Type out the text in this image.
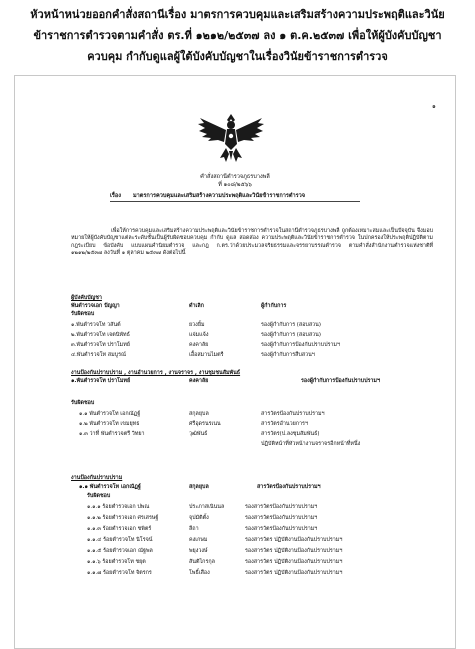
หัวหน้าหน่วยออกคำสั่งสถานีเรื่อง มาตรการควบคุมและเสริมสร้างความประพฤติและวินัย
ข้าราชการตำรวจตามคำสั่ง ตร.ที่ ๑๒๑๒/๒๕๓๗ ลง ๑ ต.ค.๒๕๓๗ เพื่อให้ผู้บังคับบัญชา
ควบคุม กำกับดูแลผู้ใต้บังคับบัญชาในเรื่องวินัยข้าราชการตำรวจ
๑
คำสั่งสถานีตำรวจภูธรบางพลี
ที่ ๑๐๘/๒๕๖๖
เรื่อง มาตรการควบคุมและเสริมสร้างความประพฤติและวินัยข้าราชการตำรวจ

เพื่อให้การควบคุมและเสริมสร้างความประพฤติและวินัยข้าราชการตำรวจในสถานีตำรวจภูธรบางพลี ถูกต้องเหมาะสมและเป็นปัจจุบัน จึงมอบหมายให้ผู้บังคับบัญชาแต่ละระดับชั้นเป็นผู้รับผิดชอบควบคุม กำกับ ดูแล สอดส่อง ความประพฤติและวินัยข้าราชการตำรวจ ในปกครองให้ประพฤติปฏิบัติตามกฎระเบียบ ข้อบังคับ แบบแผนคำนิยมตำรวจ และกฎ ก.ตร.ว่าด้วยประมวลจริยธรรมและจรรยาบรรณตำรวจ ตามคำสั่งสำนักงานตำรวจแห่งชาติที่ ๑๒๑๒/๒๕๓๗ ลงวันที่ ๑ ตุลาคม ๒๕๓๗ ดังต่อไปนี้

ผู้บังคับบัญชา
พันตำรวจเอก ปัญญา	ดำเลิก	ผู้กำกับการ
รับผิดชอบ
๑.พันตำรวจโท วสันต์	ยวงยิ้ม	รองผู้กำกับการ (สอบสวน)
๒.พันตำรวจโท เจตนิพัทธ์	แจ่มแจ้ง	รองผู้กำกับการ (สอบสวน)
๓.พันตำรวจโท ปราโมทย์	คงคาลัย	รองผู้กำกับการป้องกันปราบปรามฯ
๔.พันตำรวจโท สมบูรณ์	เอื้อสมานไมตรี	รองผู้กำกับการสืบสวนฯ
งานป้องกันปราบปราม , งานอำนวยการ , งานจราจร , งานชุมชนสัมพันธ์
๑.พันตำรวจโท ปราโมทย์	คงคาลัย	รองผู้กำกับการป้องกันปราบปรามฯ
รับผิดชอบ
๑.๑ พันตำรวจโท เอกณัฏฐ์	สกุลยุบล	สารวัตรป้องกันปราบปรามฯ
๑.๒ พันตำรวจโท เขมยุทธ	ศรีอุดรนรเนน	สารวัตรอำนวยการฯ
๑.๓ ว่าที่ พันตำรวจตรี วิทยา	วุฒิพันธ์	สารวัตร(ป.ลงชุมสัมพันธ์)
ปฏิบัติหน้าที่หัวหน้างานจราจรอีกหน้าที่หนึ่ง
งานป้องกันปราบปราม
๑.๑ พันตำรวจโท เอกณัฏฐ์	สกุลยุบล	สารวัตรป้องกันปราบปรามฯ
รับผิดชอบ
๑.๑.๑ ร้อยตำรวจเอก ปพณ	ประภาสเนินนล	รองสารวัตรป้องกันปราบปรามฯ
๑.๑.๒ ร้อยตำรวจเอก ศรเสรษฐ์	จุปมัติตั้ง	รองสารวัตรป้องกันปราบปรามฯ
๑.๑.๓ ร้อยตำรวจเอก ชพิตร์	ลีถา	รองสารวัตรป้องกันปราบปรามฯ
๑.๑.๔ ร้อยตำรวจโท นิโรจน์	คงเกษม	รองสารวัตร ปฏิบัติงานป้องกันปราบปรามฯ
๑.๑.๕ ร้อยตำรวจเอก ณัฐพล	พยุงวงษ์	รองสารวัตร ปฏิบัติงานป้องกันปราบปรามฯ
๑.๑.๖ ร้อยตำรวจโท ชยุต	สันติไกรกุล	รองสารวัตร ปฏิบัติงานป้องกันปราบปรามฯ
๑.๑.๗ ร้อยตำรวจโท จิตรกร	โพธิ์เสือง	รองสารวัตร ปฏิบัติงานป้องกันปราบปรามฯ
